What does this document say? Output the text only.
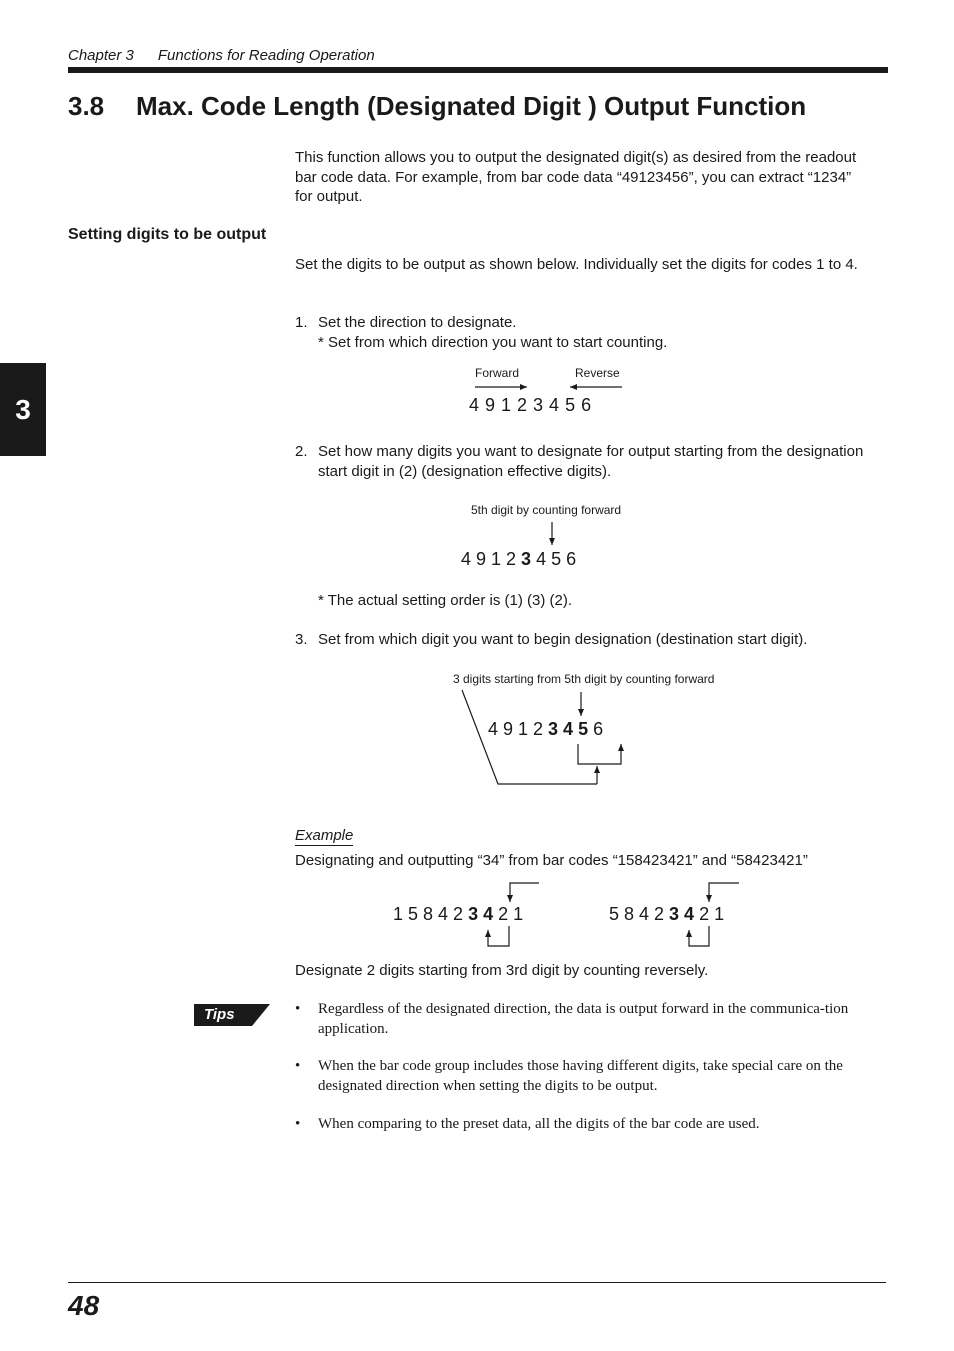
Chapter 3 Functions for Reading Operation
3.8 Max. Code Length (Designated Digit ) Output Function
3
This function allows you to output the designated digit(s) as desired from the readout bar code data. For example, from bar code data “49123456”, you can extract “1234” for output.
Setting digits to be output
Set the digits to be output as shown below. Individually set the digits for codes 1 to 4.
1. Set the direction to designate.
* Set from which direction you want to start counting.
Forward	Reverse
4 9 1 2 3 4 5 6
2. Set how many digits you want to designate for output starting from the designation start digit in (2) (designation effective digits).
5th digit by counting forward
4 9 1 2 3 4 5 6
* The actual setting order is (1) (3) (2).
3. Set from which digit you want to begin designation (destination start digit).
3 digits starting from 5th digit by counting forward
4 9 1 2 3 4 5 6
Example
Designating and outputting “34” from bar codes “158423421” and “58423421”
1 5 8 4 2 3 4 2 1	5 8 4 2 3 4 2 1
Designate 2 digits starting from 3rd digit by counting reversely.
Tips	• Regardless of the designated direction, the data is output forward in the communica-tion application.
• When the bar code group includes those having different digits, take special care on the designated direction when setting the digits to be output.
• When comparing to the preset data, all the digits of the bar code are used.
48
